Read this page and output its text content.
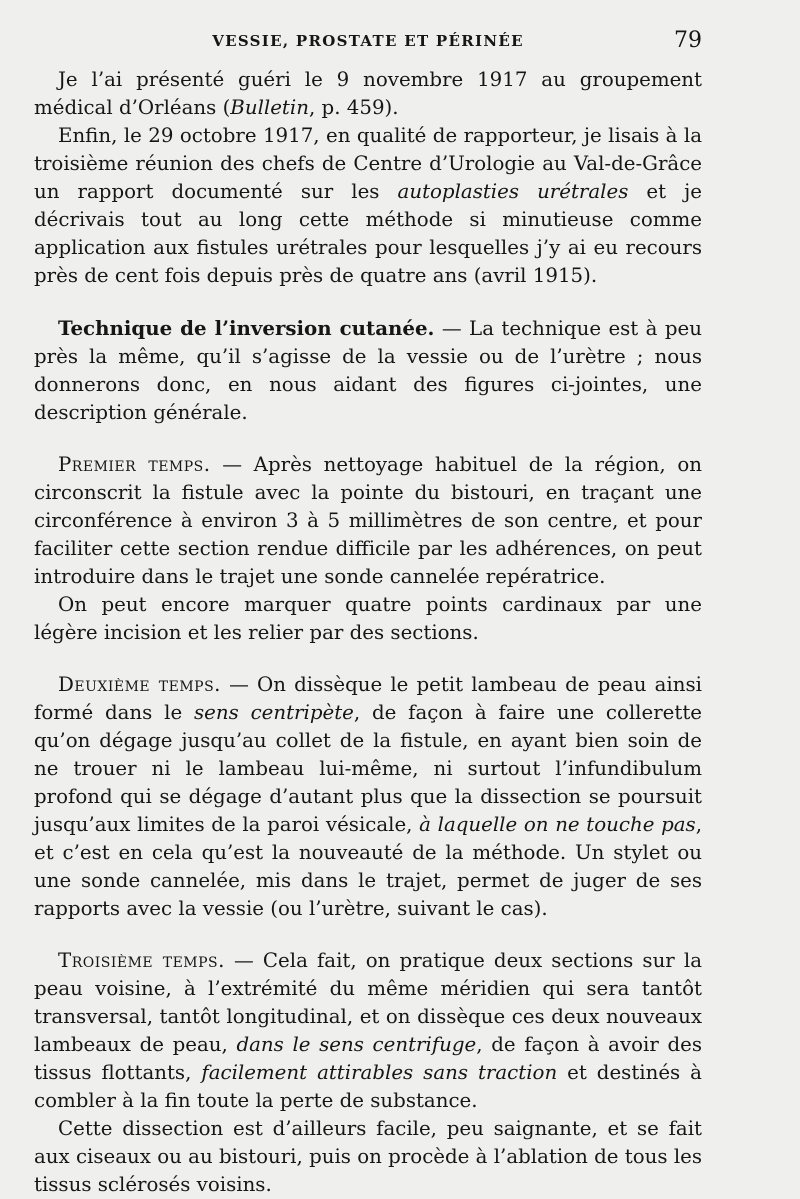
VESSIE, PROSTATE ET PÉRINÉE	79

Je l’ai présenté guéri le 9 novembre 1917 au groupement médical d’Orléans (Bulletin, p. 459).

Enfin, le 29 octobre 1917, en qualité de rapporteur, je lisais à la troisième réunion des chefs de Centre d’Urologie au Val-de-Grâce un rapport documenté sur les autoplasties urétrales et je décrivais tout au long cette méthode si minutieuse comme application aux fistules urétrales pour lesquelles j’y ai eu recours près de cent fois depuis près de quatre ans (avril 1915).

Technique de l’inversion cutanée. — La technique est à peu près la même, qu’il s’agisse de la vessie ou de l’urètre ; nous donnerons donc, en nous aidant des figures ci-jointes, une description générale.

Premier temps. — Après nettoyage habituel de la région, on circonscrit la fistule avec la pointe du bistouri, en traçant une circonférence à environ 3 à 5 millimètres de son centre, et pour faciliter cette section rendue difficile par les adhérences, on peut introduire dans le trajet une sonde cannelée repératrice.

On peut encore marquer quatre points cardinaux par une légère incision et les relier par des sections.

Deuxième temps. — On dissèque le petit lambeau de peau ainsi formé dans le sens centripète, de façon à faire une collerette qu’on dégage jusqu’au collet de la fistule, en ayant bien soin de ne trouer ni le lambeau lui-même, ni surtout l’infundibulum profond qui se dégage d’autant plus que la dissection se poursuit jusqu’aux limites de la paroi vésicale, à laquelle on ne touche pas, et c’est en cela qu’est la nouveauté de la méthode. Un stylet ou une sonde cannelée, mis dans le trajet, permet de juger de ses rapports avec la vessie (ou l’urètre, suivant le cas).

Troisième temps. — Cela fait, on pratique deux sections sur la peau voisine, à l’extrémité du même méridien qui sera tantôt transversal, tantôt longitudinal, et on dissèque ces deux nouveaux lambeaux de peau, dans le sens centrifuge, de façon à avoir des tissus flottants, facilement attirables sans traction et destinés à combler à la fin toute la perte de substance.

Cette dissection est d’ailleurs facile, peu saignante, et se fait aux ciseaux ou au bistouri, puis on procède à l’ablation de tous les tissus sclérosés voisins.
